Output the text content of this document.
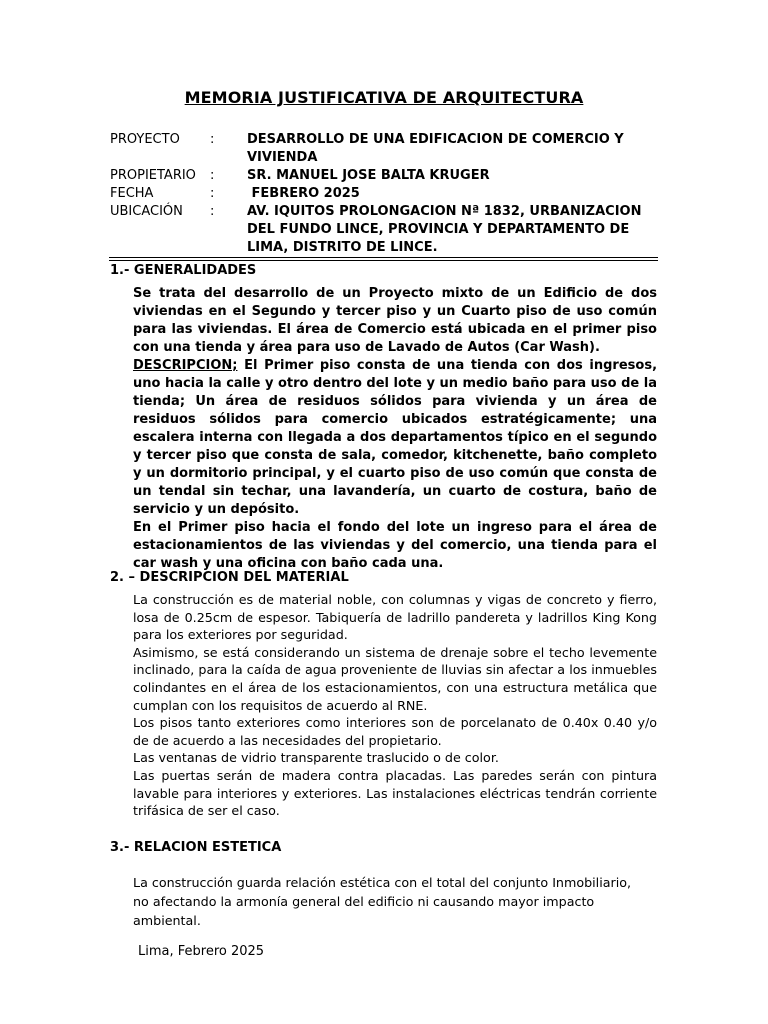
MEMORIA JUSTIFICATIVA DE ARQUITECTURA
PROYECTO	:	DESARROLLO DE UNA EDIFICACION DE COMERCIO Y VIVIENDA
PROPIETARIO	:	SR. MANUEL JOSE BALTA KRUGER
FECHA	:	FEBRERO 2025
UBICACIÓN	:	AV. IQUITOS PROLONGACION Nª 1832, URBANIZACION DEL FUNDO LINCE, PROVINCIA Y DEPARTAMENTO DE LIMA, DISTRITO DE LINCE.
1.- GENERALIDADES

Se trata del desarrollo de un Proyecto mixto de un Edificio de dos viviendas en el Segundo y tercer piso y un Cuarto piso de uso común para las viviendas. El área de Comercio está ubicada en el primer piso con una tienda y área para uso de Lavado de Autos (Car Wash).

DESCRIPCION; El Primer piso consta de una tienda con dos ingresos, uno hacia la calle y otro dentro del lote y un medio baño para uso de la tienda; Un área de residuos sólidos para vivienda y un área de residuos sólidos para comercio ubicados estratégicamente; una escalera interna con llegada a dos departamentos típico en el segundo y tercer piso que consta de sala, comedor, kitchenette, baño completo y un dormitorio principal, y el cuarto piso de uso común que consta de un tendal sin techar, una lavandería, un cuarto de costura, baño de servicio y un depósito.

En el Primer piso hacia el fondo del lote un ingreso para el área de estacionamientos de las viviendas y del comercio, una tienda para el car wash y una oficina con baño cada una.

2. – DESCRIPCION DEL MATERIAL

La construcción es de material noble, con columnas y vigas de concreto y fierro, losa de 0.25cm de espesor. Tabiquería de ladrillo pandereta y ladrillos King Kong para los exteriores por seguridad.

Asimismo, se está considerando un sistema de drenaje sobre el techo levemente inclinado, para la caída de agua proveniente de lluvias sin afectar a los inmuebles colindantes en el área de los estacionamientos, con una estructura metálica que cumplan con los requisitos de acuerdo al RNE.

Los pisos tanto exteriores como interiores son de porcelanato de 0.40x 0.40 y/o de de acuerdo a las necesidades del propietario.

Las ventanas de vidrio transparente traslucido o de color.

Las puertas serán de madera contra placadas. Las paredes serán con pintura lavable para interiores y exteriores. Las instalaciones eléctricas tendrán corriente trifásica de ser el caso.

3.- RELACION ESTETICA

La construcción guarda relación estética con el total del conjunto Inmobiliario, no afectando la armonía general del edificio ni causando mayor impacto ambiental.

Lima, Febrero 2025
